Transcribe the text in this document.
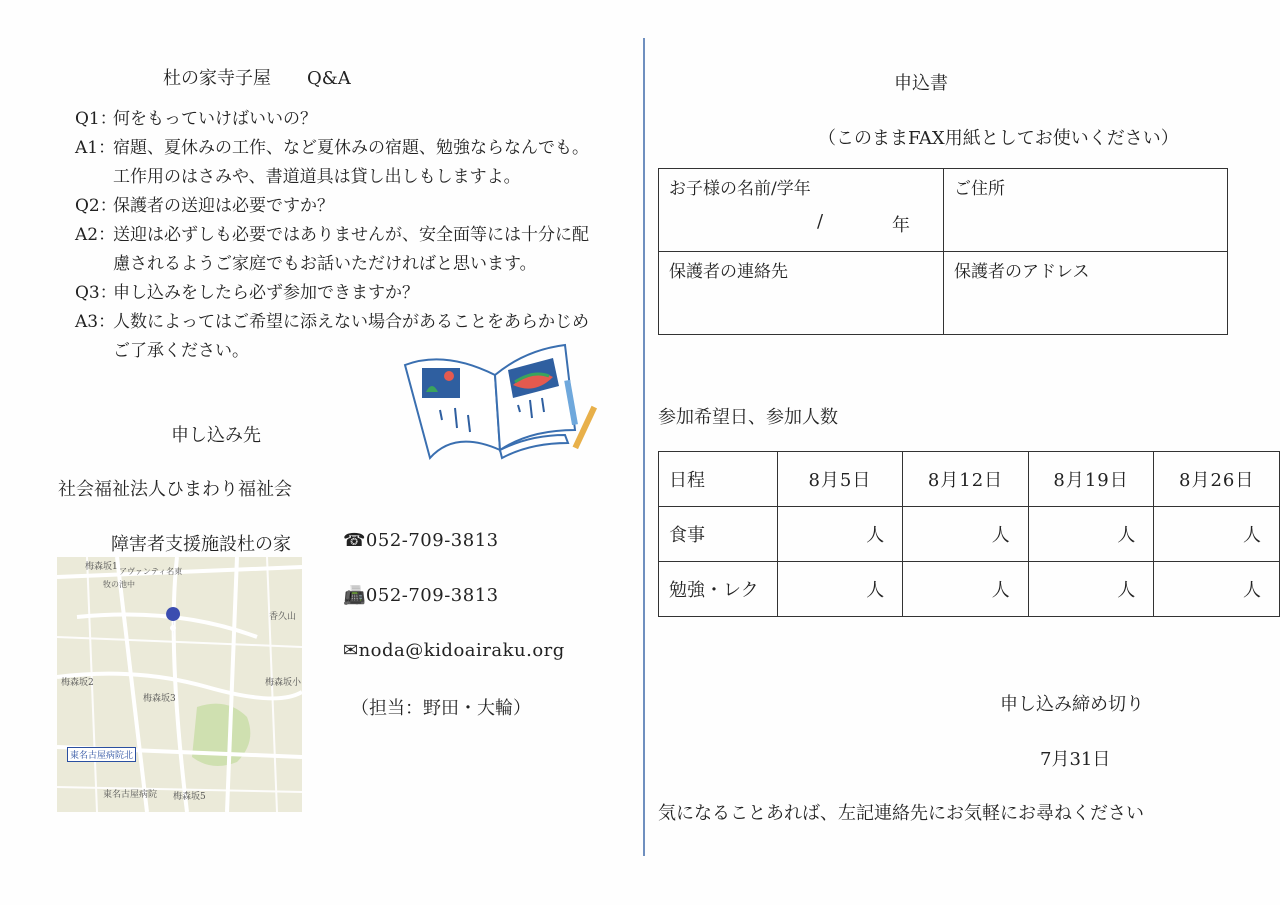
杜の家寺子屋　　Q&A
Q1：
何をもっていけばいいの？
A1：
宿題、夏休みの工作、など夏休みの宿題、勉強ならなんでも。
工作用のはさみや、書道道具は貸し出しもしますよ。
Q2：
保護者の送迎は必要ですか？
A2：
送迎は必ずしも必要ではありませんが、安全面等には十分に配
慮されるようご家庭でもお話いただければと思います。
Q3：
申し込みをしたら必ず参加できますか？
A3：
人数によってはご希望に添えない場合があることをあらかじめ
ご了承ください。
申し込み先
社会福祉法人ひまわり福祉会
障害者支援施設杜の家	☎052-709-3813
📠052-709-3813
✉noda@kidoairaku.org
（担当：野田・大輪）
梅森坂1 アヴァンティ名東
牧の池中
香久山
梅森坂2
梅森坂3
梅森坂小
東名古屋病院北
東名古屋病院 梅森坂5
申込書
（このままFAX用紙としてお使いください）
お子様の名前/学年
/ 年	ご住所

保護者の連絡先	保護者のアドレス
参加希望日、参加人数
日程	8月5日	8月12日	8月19日	8月26日
食事	人	人	人	人
勉強・レク	人	人	人	人
申し込み締め切り
7月31日
気になることあれば、左記連絡先にお気軽にお尋ねください
